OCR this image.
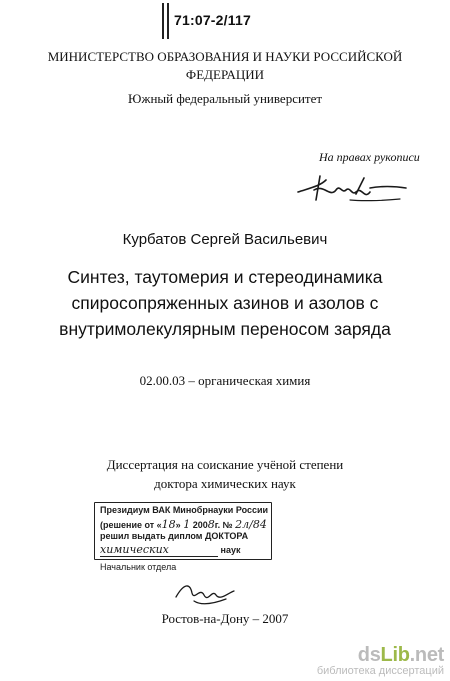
71:07-2/117
МИНИСТЕРСТВО ОБРАЗОВАНИЯ И НАУКИ РОССИЙСКОЙ
ФЕДЕРАЦИИ
Южный федеральный университет
На правах рукописи
Курбатов Сергей Васильевич
Синтез, таутомерия и стереодинамика
спиросопряженных азинов и азолов с
внутримолекулярным переносом заряда
02.00.03 – органическая химия
Диссертация на соискание учёной степени
доктора химических наук
Президиум ВАК Минобрнауки России
(решение от «18» 1 2008г. № 2л/84
решил выдать диплом ДОКТОРА
химических	наук
Начальник отдела
Ростов-на-Дону – 2007
dsLib.net
библиотека диссертаций
